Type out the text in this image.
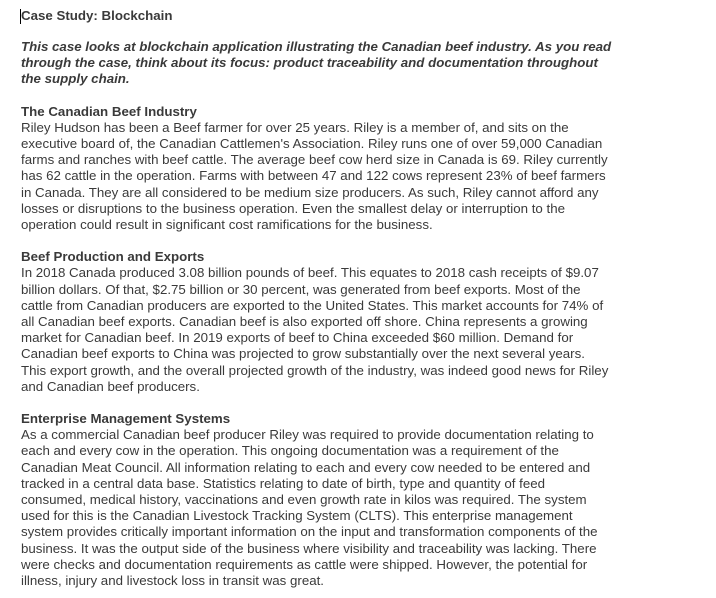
Case Study: Blockchain

This case looks at blockchain application illustrating the Canadian beef industry. As you read
through the case, think about its focus: product traceability and documentation throughout
the supply chain.

The Canadian Beef Industry

Riley Hudson has been a Beef farmer for over 25 years. Riley is a member of, and sits on the
executive board of, the Canadian Cattlemen's Association. Riley runs one of over 59,000 Canadian
farms and ranches with beef cattle. The average beef cow herd size in Canada is 69. Riley currently
has 62 cattle in the operation. Farms with between 47 and 122 cows represent 23% of beef farmers
in Canada. They are all considered to be medium size producers. As such, Riley cannot afford any
losses or disruptions to the business operation. Even the smallest delay or interruption to the
operation could result in significant cost ramifications for the business.

Beef Production and Exports

In 2018 Canada produced 3.08 billion pounds of beef. This equates to 2018 cash receipts of $9.07
billion dollars. Of that, $2.75 billion or 30 percent, was generated from beef exports. Most of the
cattle from Canadian producers are exported to the United States. This market accounts for 74% of
all Canadian beef exports. Canadian beef is also exported off shore. China represents a growing
market for Canadian beef. In 2019 exports of beef to China exceeded $60 million. Demand for
Canadian beef exports to China was projected to grow substantially over the next several years.
This export growth, and the overall projected growth of the industry, was indeed good news for Riley
and Canadian beef producers.

Enterprise Management Systems

As a commercial Canadian beef producer Riley was required to provide documentation relating to
each and every cow in the operation. This ongoing documentation was a requirement of the
Canadian Meat Council. All information relating to each and every cow needed to be entered and
tracked in a central data base. Statistics relating to date of birth, type and quantity of feed
consumed, medical history, vaccinations and even growth rate in kilos was required. The system
used for this is the Canadian Livestock Tracking System (CLTS). This enterprise management
system provides critically important information on the input and transformation components of the
business. It was the output side of the business where visibility and traceability was lacking. There
were checks and documentation requirements as cattle were shipped. However, the potential for
illness, injury and livestock loss in transit was great.
